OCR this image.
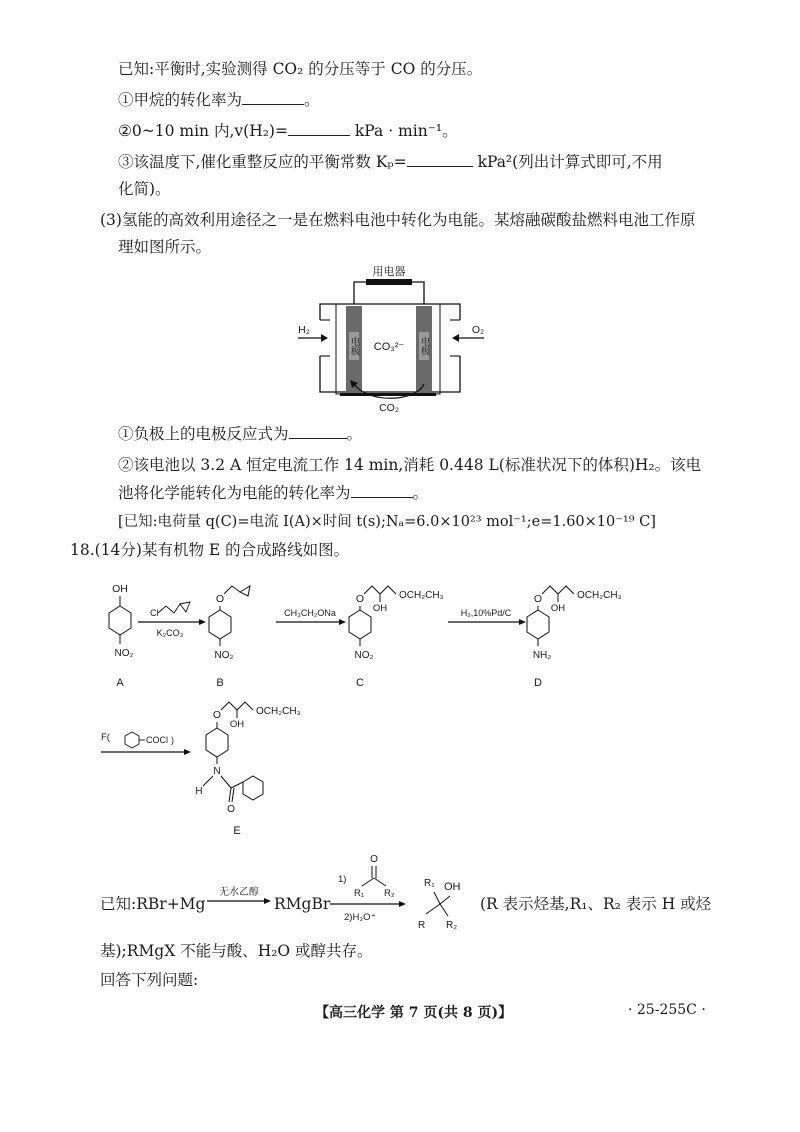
已知:平衡时,实验测得 CO₂ 的分压等于 CO 的分压。
①甲烷的转化率为	。
②0~10 min 内,v(H₂)=	kPa · min⁻¹。
③该温度下,催化重整反应的平衡常数 Kₚ=	kPa²(列出计算式即可,不用
化简)。
(3)氢能的高效利用途径之一是在燃料电池中转化为电能。某熔融碳酸盐燃料电池工作原
理如图所示。
用电器
电极	电极
CO₃²⁻
CO₂
H₂	O₂
①负极上的电极反应式为	。
②该电池以 3.2 A 恒定电流工作 14 min,消耗 0.448 L(标准状况下的体积)H₂。该电
池将化学能转化为电能的转化率为	。
[已知:电荷量 q(C)=电流 I(A)×时间 t(s);Nₐ=6.0×10²³ mol⁻¹;e=1.60×10⁻¹⁹ C]
18.(14分)某有机物 E 的合成路线如图。
OH
NO₂
Cl
K₂CO₃
O
NO₂
CH₃CH₂ONa
O
OH
OCH₂CH₃
NO₂
H₂,10%Pd/C
O
OH
OCH₂CH₃
NH₂
A	B	C	D
F(	COCl )
O
OH
OCH₂CH₃
N
H
O
E
已知:RBr+Mg
无水乙醇
RMgBr
1)
O
R₁ R₂
2)H₃O⁺
R₁ OH
R R₂
(R 表示烃基,R₁、R₂ 表示 H 或烃
基);RMgX 不能与酸、H₂O 或醇共存。
回答下列问题:
【高三化学 第 7 页(共 8 页)】	· 25-255C ·
